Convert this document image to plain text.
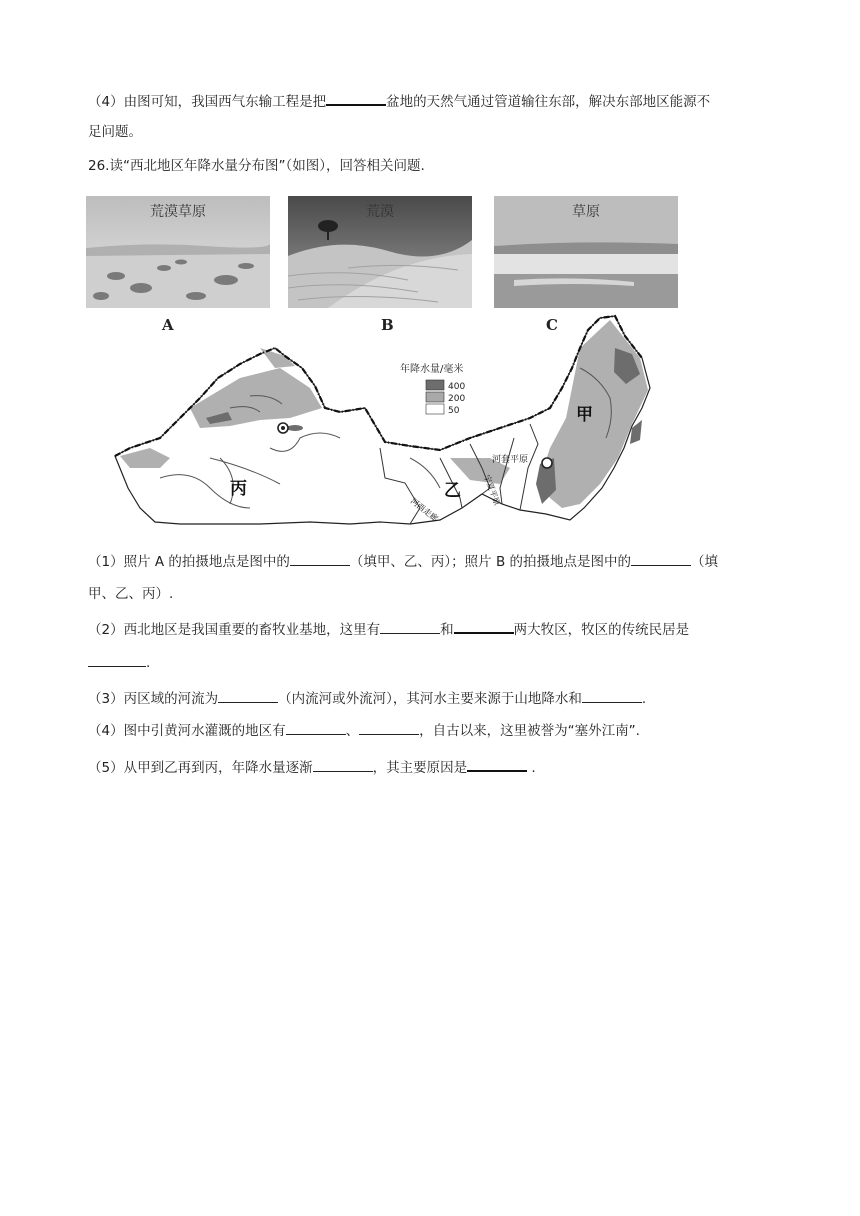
（4）由图可知，我国西气东输工程是把	盆地的天然气通过管道输往东部，解决东部地区能源不
足问题。
26.读“西北地区年降水量分布图”（如图），回答相关问题.
荒漠草原	荒漠	草原
A	B	C
年降水量/毫米
400
200
50	甲
乙
丙
河套平原
宁夏平原
河西走廊
（1）照片 A 的拍摄地点是图中的	（填甲、乙、丙）；照片 B 的拍摄地点是图中的	（填
甲、乙、丙）.
（2）西北地区是我国重要的畜牧业基地，这里有	和	两大牧区，牧区的传统民居是
.
（3）丙区域的河流为	（内流河或外流河），其河水主要来源于山地降水和	.
（4）图中引黄河水灌溉的地区有	、	，自古以来，这里被誉为“塞外江南”.
（5）从甲到乙再到丙，年降水量逐渐	，其主要原因是	.
